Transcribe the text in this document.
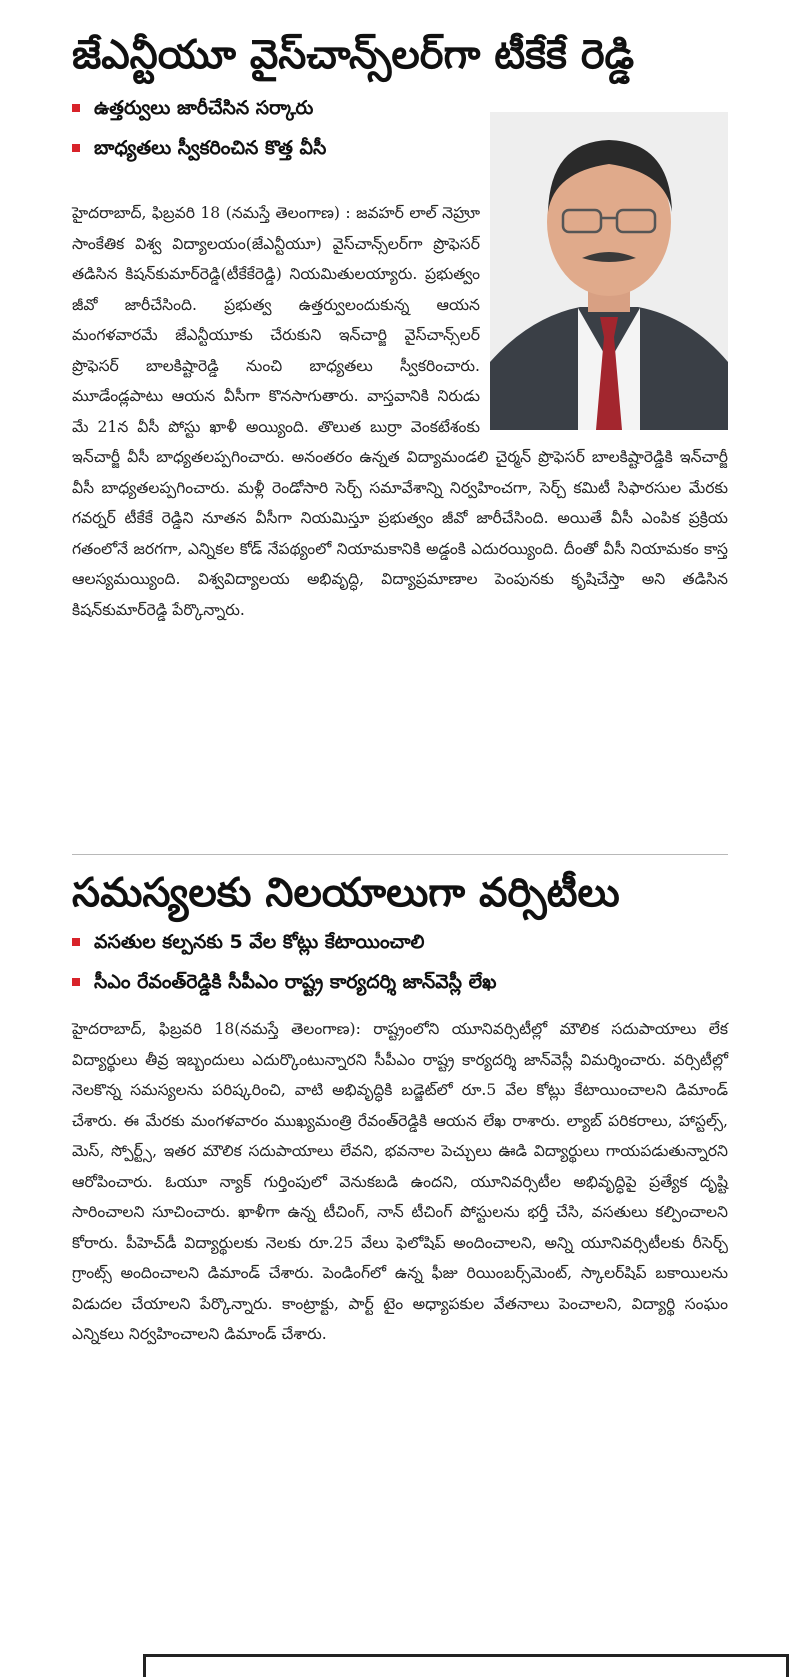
జేఎన్టీయూ వైస్‌చాన్స్‌లర్‌గా టీకేకే రెడ్డి
ఉత్తర్వులు జారీచేసిన సర్కారు
బాధ్యతలు స్వీకరించిన కొత్త వీసీ

హైదరాబాద్, ఫిబ్రవరి 18 (నమస్తే తెలంగాణ) : జవహర్ లాల్ నెహ్రూ సాంకేతిక విశ్వ విద్యాలయం(జేఎన్టీయూ) వైస్‌చాన్స్‌లర్‌గా ప్రొఫెసర్ తడిసిన కిషన్‌కుమార్‌రెడ్డి(టీకేకేరెడ్డి) నియమితులయ్యారు. ప్రభుత్వం జీవో జారీచేసింది. ప్రభుత్వ ఉత్తర్వులందుకున్న ఆయన మంగళవారమే జేఎన్టీయూకు చేరుకుని ఇన్‌చార్జి వైస్‌చాన్స్‌లర్ ప్రొఫెసర్ బాలకిష్టారెడ్డి నుంచి బాధ్యతలు స్వీకరించారు. మూడేండ్లపాటు ఆయన వీసీగా కొనసాగుతారు. వాస్తవానికి నిరుడు మే 21న వీసీ పోస్టు ఖాళీ అయ్యింది. తొలుత బుర్రా వెంకటేశంకు ఇన్‌చార్జీ వీసీ బాధ్యతలప్పగించారు. అనంతరం ఉన్నత విద్యామండలి చైర్మన్ ప్రొఫెసర్ బాలకిష్టారెడ్డికి ఇన్‌చార్జీ వీసీ బాధ్యతలప్పగించారు. మళ్లీ రెండోసారి సెర్చ్ సమావేశాన్ని నిర్వహించగా, సెర్చ్ కమిటీ సిఫారసుల మేరకు గవర్నర్ టీకేకే రెడ్డిని నూతన వీసీగా నియమిస్తూ ప్రభుత్వం జీవో జారీచేసింది. అయితే వీసీ ఎంపిక ప్రక్రియ గతంలోనే జరగగా, ఎన్నికల కోడ్ నేపథ్యంలో నియామకానికి అడ్డంకి ఎదురయ్యింది. దీంతో వీసీ నియామకం కాస్త ఆలస్యమయ్యింది. విశ్వవిద్యాలయ అభివృద్ధి, విద్యాప్రమాణాల పెంపునకు కృషిచేస్తా అని తడిసిన కిషన్‌కుమార్‌రెడ్డి పేర్కొన్నారు.

సమస్యలకు నిలయాలుగా వర్సిటీలు
వసతుల కల్పనకు 5 వేల కోట్లు కేటాయించాలి
సీఎం రేవంత్‌రెడ్డికి సీపీఎం రాష్ట్ర కార్యదర్శి జాన్‌వెస్లీ లేఖ

హైదరాబాద్, ఫిబ్రవరి 18(నమస్తే తెలంగాణ): రాష్ట్రంలోని యూనివర్సిటీల్లో మౌలిక సదుపాయాలు లేక విద్యార్థులు తీవ్ర ఇబ్బందులు ఎదుర్కొంటున్నారని సీపీఎం రాష్ట్ర కార్యదర్శి జాన్‌వెస్లీ విమర్శించారు. వర్సిటీల్లో నెలకొన్న సమస్యలను పరిష్కరించి, వాటి అభివృద్ధికి బడ్జెట్‌లో రూ.5 వేల కోట్లు కేటాయించాలని డిమాండ్ చేశారు. ఈ మేరకు మంగళవారం ముఖ్యమంత్రి రేవంత్‌రెడ్డికి ఆయన లేఖ రాశారు. ల్యాబ్ పరికరాలు, హాస్టల్స్, మెస్, స్పోర్ట్స్, ఇతర మౌలిక సదుపాయాలు లేవని, భవనాల పెచ్చులు ఊడి విద్యార్థులు గాయపడుతున్నారని ఆరోపించారు. ఓయూ న్యాక్ గుర్తింపులో వెనుకబడి ఉందని, యూనివర్సిటీల అభివృద్ధిపై ప్రత్యేక దృష్టి సారించాలని సూచించారు. ఖాళీగా ఉన్న టీచింగ్, నాన్ టీచింగ్ పోస్టులను భర్తీ చేసి, వసతులు కల్పించాలని కోరారు. పీహెచ్‌డీ విద్యార్థులకు నెలకు రూ.25 వేలు ఫెలోషిప్ అందించాలని, అన్ని యూనివర్సిటీలకు రీసెర్చ్ గ్రాంట్స్ అందించాలని డిమాండ్ చేశారు. పెండింగ్‌లో ఉన్న ఫీజు రియింబర్స్‌మెంట్, స్కాలర్‌షిప్ బకాయిలను విడుదల చేయాలని పేర్కొన్నారు. కాంట్రాక్టు, పార్ట్ టైం అధ్యాపకుల వేతనాలు పెంచాలని, విద్యార్థి సంఘం ఎన్నికలు నిర్వహించాలని డిమాండ్ చేశారు.
